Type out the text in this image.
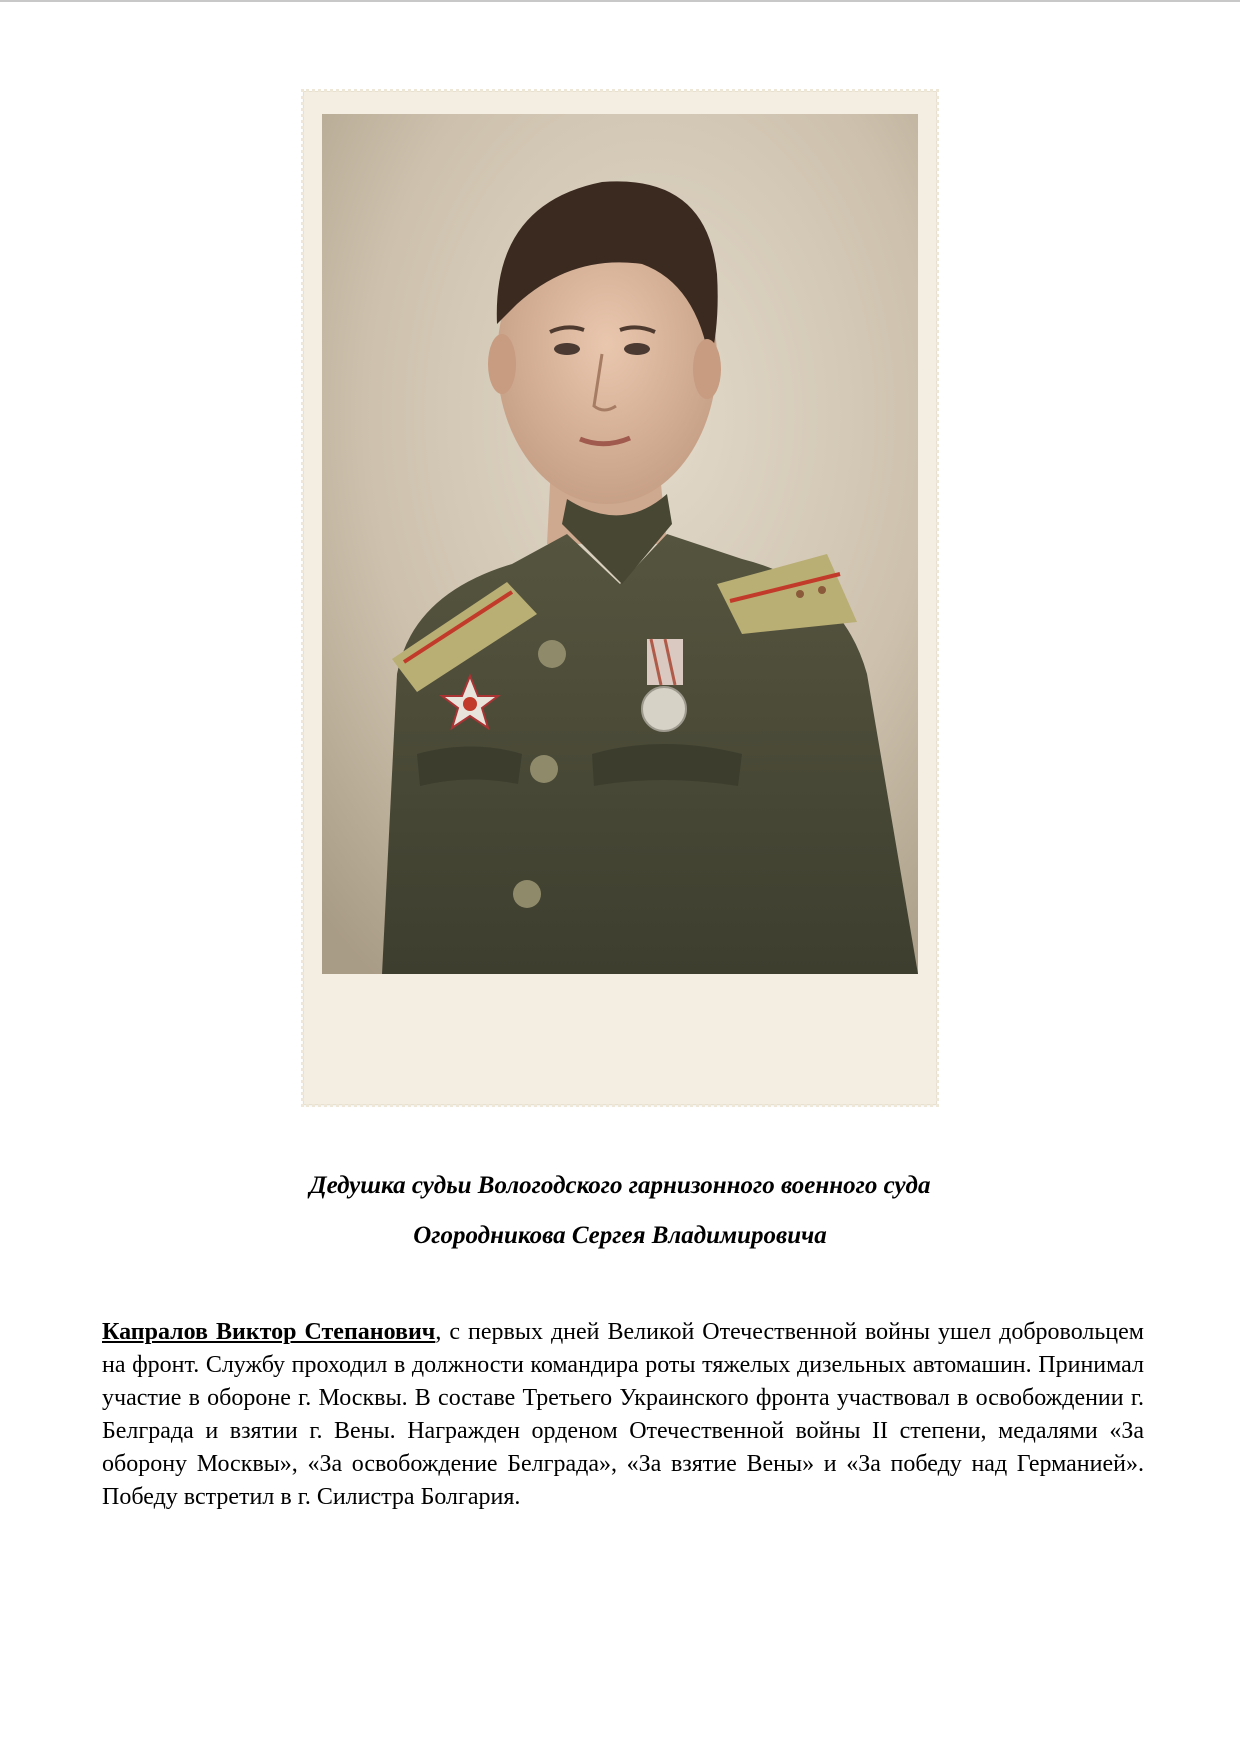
Дедушка судьи Вологодского гарнизонного военного суда
Огородникова Сергея Владимировича
Капралов Виктор Степанович, с первых дней Великой Отечественной войны ушел добровольцем на фронт. Службу проходил в должности командира роты тяжелых дизельных автомашин. Принимал участие в обороне г. Москвы. В составе Третьего Украинского фронта участвовал в освобождении г. Белграда и взятии г. Вены. Награжден орденом Отечественной войны II степени, медалями «За оборону Москвы», «За освобождение Белграда», «За взятие Вены» и «За победу над Германией». Победу встретил в г. Силистра Болгария.
